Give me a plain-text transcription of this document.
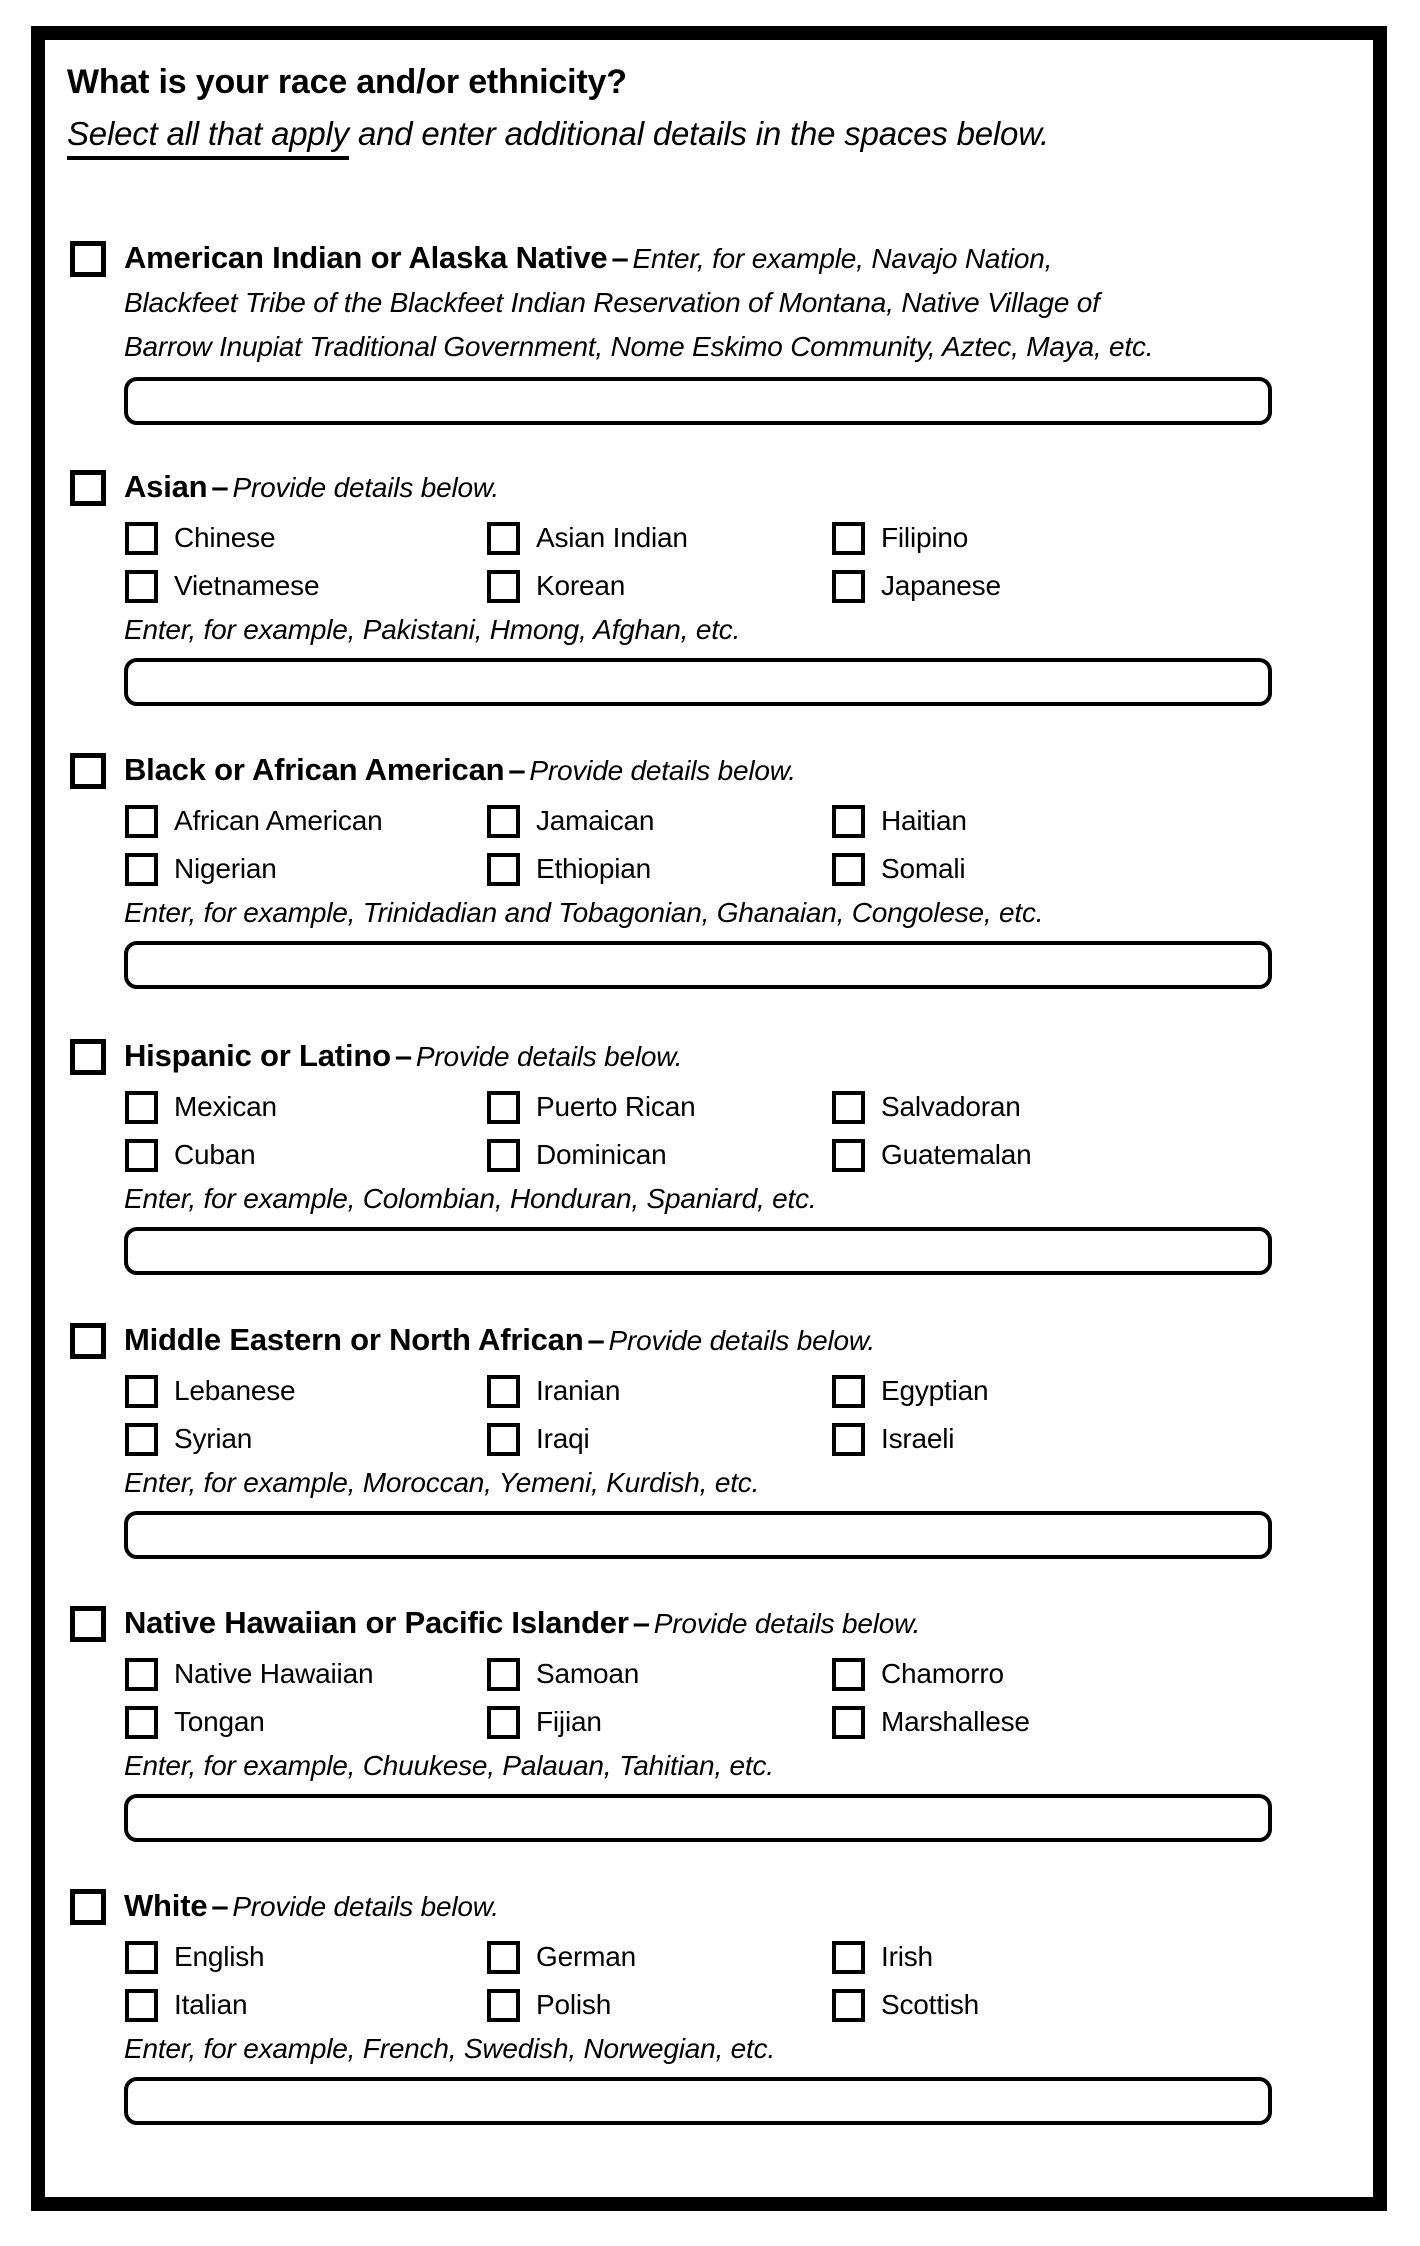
What is your race and/or ethnicity?
Select all that apply and enter additional details in the spaces below.
American Indian or Alaska Native – Enter, for example, Navajo Nation,
Blackfeet Tribe of the Blackfeet Indian Reservation of Montana, Native Village of
Barrow Inupiat Traditional Government, Nome Eskimo Community, Aztec, Maya, etc.
Asian – Provide details below.
Chinese	Asian Indian	Filipino
Vietnamese	Korean	Japanese
Enter, for example, Pakistani, Hmong, Afghan, etc.
Black or African American – Provide details below.
African American	Jamaican	Haitian
Nigerian	Ethiopian	Somali
Enter, for example, Trinidadian and Tobagonian, Ghanaian, Congolese, etc.
Hispanic or Latino – Provide details below.
Mexican	Puerto Rican	Salvadoran
Cuban	Dominican	Guatemalan
Enter, for example, Colombian, Honduran, Spaniard, etc.
Middle Eastern or North African – Provide details below.
Lebanese	Iranian	Egyptian
Syrian	Iraqi	Israeli
Enter, for example, Moroccan, Yemeni, Kurdish, etc.
Native Hawaiian or Pacific Islander – Provide details below.
Native Hawaiian	Samoan	Chamorro
Tongan	Fijian	Marshallese
Enter, for example, Chuukese, Palauan, Tahitian, etc.
White – Provide details below.
English	German	Irish
Italian	Polish	Scottish
Enter, for example, French, Swedish, Norwegian, etc.
